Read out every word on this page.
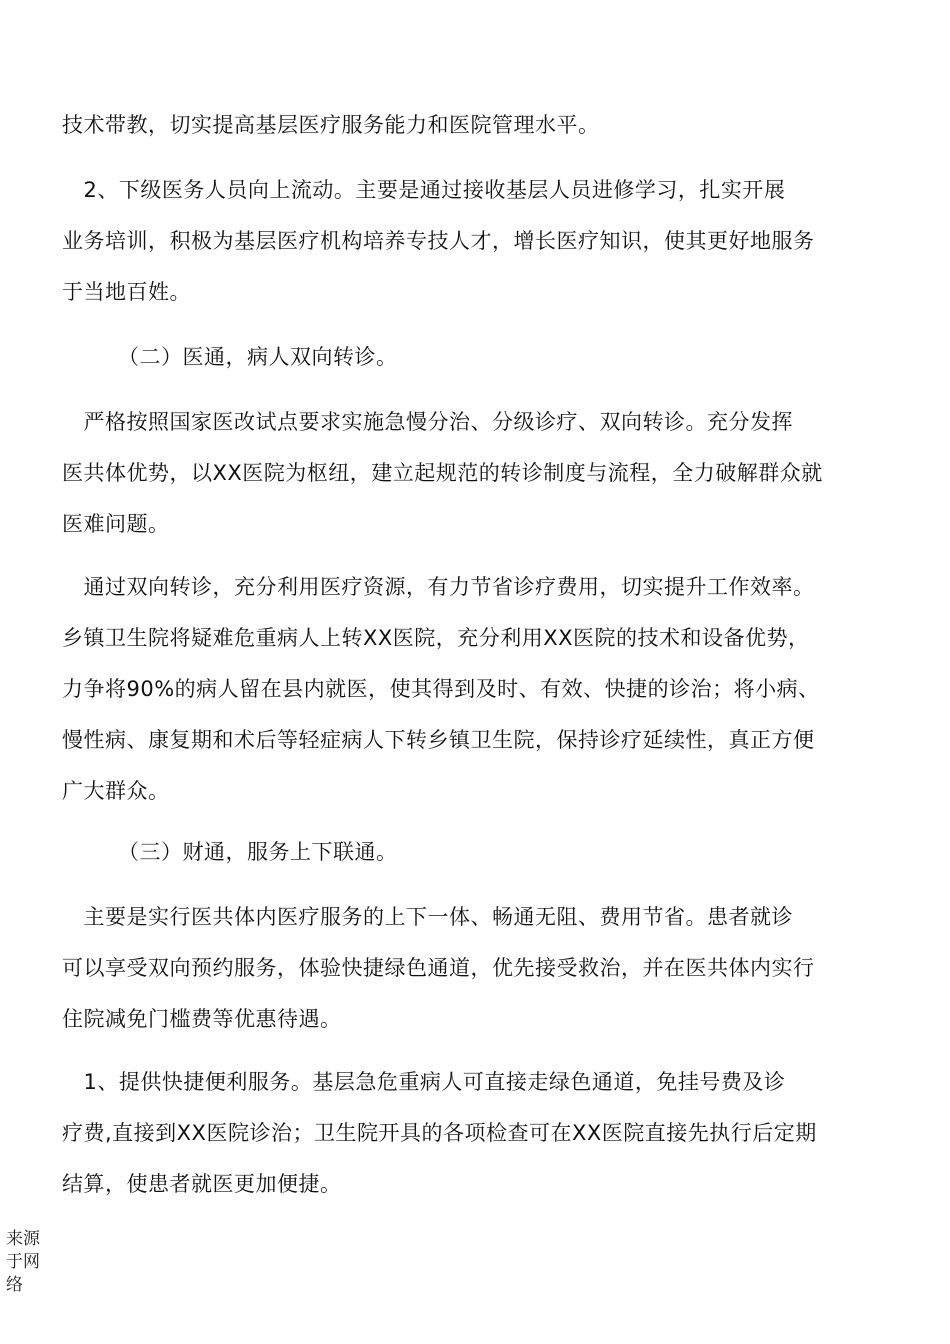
技术带教，切实提高基层医疗服务能力和医院管理水平。

　2、下级医务人员向上流动。主要是通过接收基层人员进修学习，扎实开展
业务培训，积极为基层医疗机构培养专技人才，增长医疗知识，使其更好地服务
于当地百姓。

（二）医通，病人双向转诊。

　严格按照国家医改试点要求实施急慢分治、分级诊疗、双向转诊。充分发挥
医共体优势，以XX医院为枢纽，建立起规范的转诊制度与流程，全力破解群众就
医难问题。

　通过双向转诊，充分利用医疗资源，有力节省诊疗费用，切实提升工作效率。
乡镇卫生院将疑难危重病人上转XX医院，充分利用XX医院的技术和设备优势，
力争将90%的病人留在县内就医，使其得到及时、有效、快捷的诊治；将小病、
慢性病、康复期和术后等轻症病人下转乡镇卫生院，保持诊疗延续性，真正方便
广大群众。

（三）财通，服务上下联通。

　主要是实行医共体内医疗服务的上下一体、畅通无阻、费用节省。患者就诊
可以享受双向预约服务，体验快捷绿色通道，优先接受救治，并在医共体内实行
住院减免门槛费等优惠待遇。

　1、提供快捷便利服务。基层急危重病人可直接走绿色通道，免挂号费及诊
疗费,直接到XX医院诊治；卫生院开具的各项检查可在XX医院直接先执行后定期
结算，使患者就医更加便捷。

来源
于网
络
